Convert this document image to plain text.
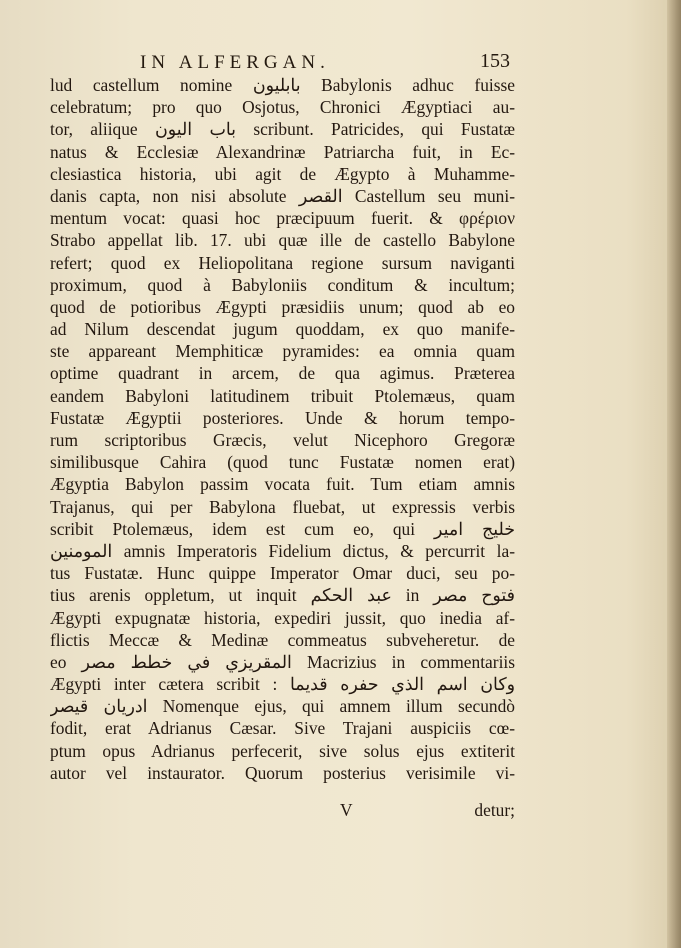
IN ALFERGAN.	153
lud castellum nomine بابليون Babylonis adhuc fuisse
celebratum; pro quo Osjotus, Chronici Ægyptiaci au-
tor, aliique باب اليون scribunt. Patricides, qui Fustatæ
natus & Ecclesiæ Alexandrinæ Patriarcha fuit, in Ec-
clesiastica historia, ubi agit de Ægypto à Muhamme-
danis capta, non nisi absolute القصر Castellum seu muni-
mentum vocat: quasi hoc præcipuum fuerit. & φρέριον
Strabo appellat lib. 17. ubi quæ ille de castello Babylone
refert; quod ex Heliopolitana regione sursum naviganti
proximum, quod à Babyloniis conditum & incultum;
quod de potioribus Ægypti præsidiis unum; quod ab eo
ad Nilum descendat jugum quoddam, ex quo manife-
ste appareant Memphiticæ pyramides: ea omnia quam
optime quadrant in arcem, de qua agimus. Præterea
eandem Babyloni latitudinem tribuit Ptolemæus, quam
Fustatæ Ægyptii posteriores. Unde & horum tempo-
rum scriptoribus Græcis, velut Nicephoro Gregoræ
similibusque Cahira (quod tunc Fustatæ nomen erat)
Ægyptia Babylon passim vocata fuit. Tum etiam amnis
Trajanus, qui per Babylona fluebat, ut expressis verbis
scribit Ptolemæus, idem est cum eo, qui خليج امير
المومنين amnis Imperatoris Fidelium dictus, & percurrit la-
tus Fustatæ. Hunc quippe Imperator Omar duci, seu po-
tius arenis oppletum, ut inquit عبد الحكم in فتوح مصر
Ægypti expugnatæ historia, expediri jussit, quo inedia af-
flictis Meccæ & Medinæ commeatus subveheretur. de
eo المقريزي في خطط مصر Macrizius in commentariis
Ægypti inter cætera scribit : وكان اسم الذي حفره قديما
ادريان قيصر Nomenque ejus, qui amnem illum secundò
fodit, erat Adrianus Cæsar. Sive Trajani auspiciis cœ-
ptum opus Adrianus perfecerit, sive solus ejus extiterit
autor vel instaurator. Quorum posterius verisimile vi-
V	detur;
